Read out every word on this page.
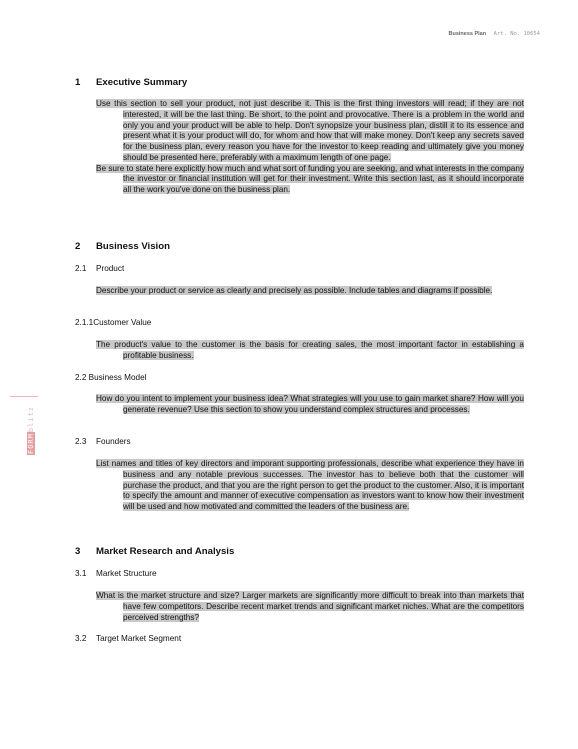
Business Plan Art. No. 10654
FORMblitz
1 Executive Summary

Use this section to sell your product, not just describe it. This is the first thing investors will read; if they are not interested, it will be the last thing. Be short, to the point and provocative. There is a problem in the world and only you and your product will be able to help. Don't synopsize your business plan, distill it to its essence and present what it is your product will do, for whom and how that will make money. Don't keep any secrets saved for the business plan, every reason you have for the investor to keep reading and ultimately give you money should be presented here, preferably with a maximum length of one page.

Be sure to state here explicitly how much and what sort of funding you are seeking, and what interests in the company the investor or financial institution will get for their investment. Write this section last, as it should incorporate all the work you've done on the business plan.

2 Business Vision
2.1 Product

Describe your product or service as clearly and precisely as possible. Include tables and diagrams if possible.

2.1.1Customer Value

The product's value to the customer is the basis for creating sales, the most important factor in establishing a profitable business.

2.2 Business Model

How do you intent to implement your business idea? What strategies will you use to gain market share? How will you generate revenue? Use this section to show you understand complex structures and processes.

2.3 Founders

List names and titles of key directors and imporant supporting professionals, describe what experience they have in business and any notable previous successes. The investor has to believe both that the customer will purchase the product, and that you are the right person to get the product to the customer. Also, it is important to specify the amount and manner of executive compensation as investors want to know how their investment will be used and how motivated and committed the leaders of the business are.

3 Market Research and Analysis
3.1 Market Structure

What is the market structure and size? Larger markets are significantly more difficult to break into than markets that have few competitors. Describe recent market trends and significant market niches. What are the competitors perceived strengths?

3.2 Target Market Segment
